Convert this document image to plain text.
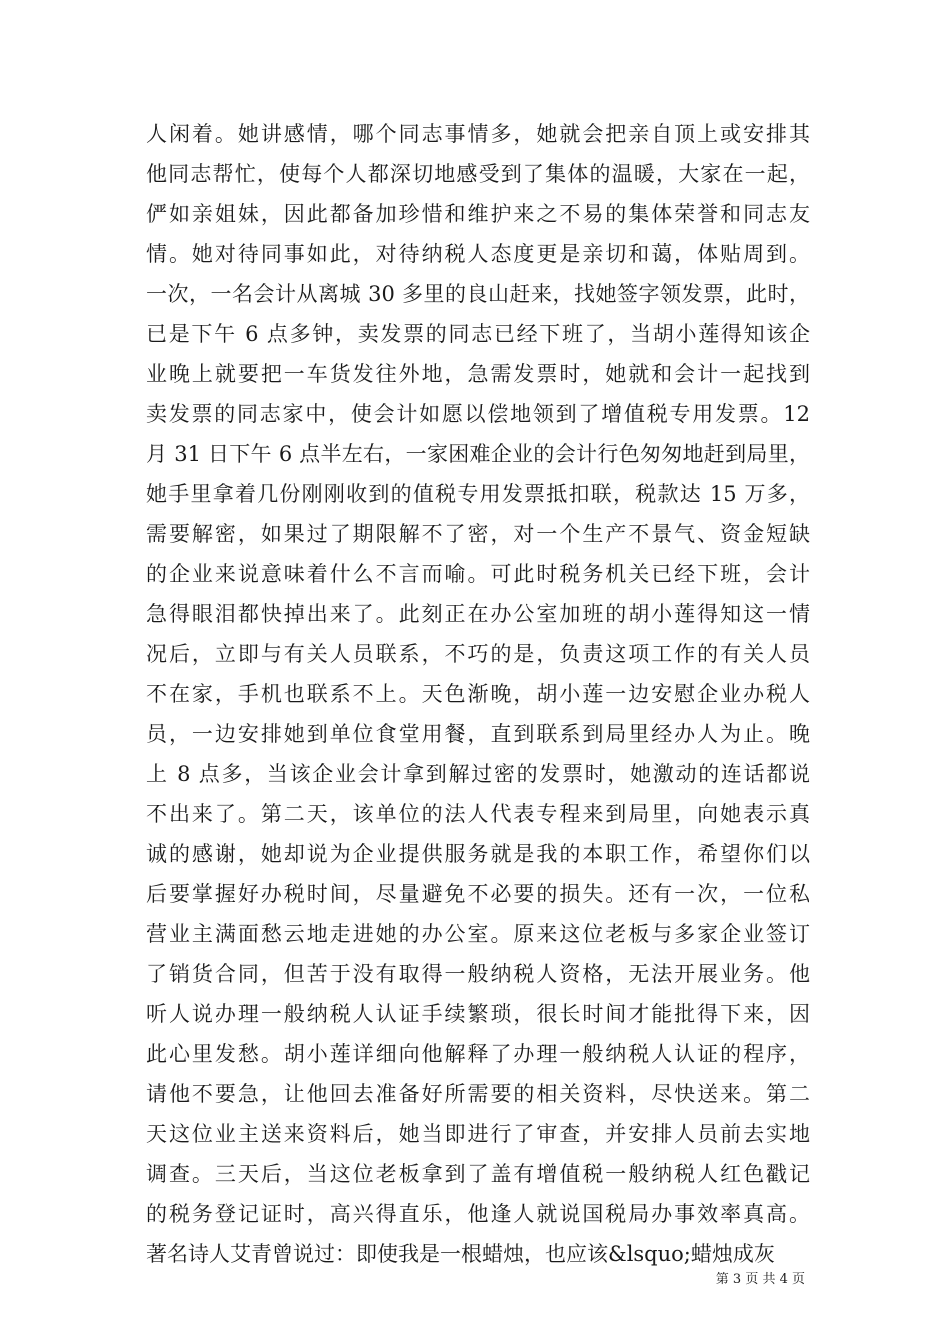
人闲着。她讲感情，哪个同志事情多，她就会把亲自顶上或安排其
他同志帮忙，使每个人都深切地感受到了集体的温暖，大家在一起，
俨如亲姐妹，因此都备加珍惜和维护来之不易的集体荣誉和同志友
情。她对待同事如此，对待纳税人态度更是亲切和蔼，体贴周到。
一次，一名会计从离城 30 多里的良山赶来，找她签字领发票，此时，
已是下午 6 点多钟，卖发票的同志已经下班了，当胡小莲得知该企
业晚上就要把一车货发往外地，急需发票时，她就和会计一起找到
卖发票的同志家中，使会计如愿以偿地领到了增值税专用发票。12
月 31 日下午 6 点半左右，一家困难企业的会计行色匆匆地赶到局里，
她手里拿着几份刚刚收到的值税专用发票抵扣联，税款达 15 万多，
需要解密，如果过了期限解不了密，对一个生产不景气、资金短缺
的企业来说意味着什么不言而喻。可此时税务机关已经下班，会计
急得眼泪都快掉出来了。此刻正在办公室加班的胡小莲得知这一情
况后，立即与有关人员联系，不巧的是，负责这项工作的有关人员
不在家，手机也联系不上。天色渐晚，胡小莲一边安慰企业办税人
员，一边安排她到单位食堂用餐，直到联系到局里经办人为止。晚
上 8 点多，当该企业会计拿到解过密的发票时，她激动的连话都说
不出来了。第二天，该单位的法人代表专程来到局里，向她表示真
诚的感谢，她却说为企业提供服务就是我的本职工作，希望你们以
后要掌握好办税时间，尽量避免不必要的损失。还有一次，一位私
营业主满面愁云地走进她的办公室。原来这位老板与多家企业签订
了销货合同，但苦于没有取得一般纳税人资格，无法开展业务。他
听人说办理一般纳税人认证手续繁琐，很长时间才能批得下来，因
此心里发愁。胡小莲详细向他解释了办理一般纳税人认证的程序，
请他不要急，让他回去准备好所需要的相关资料，尽快送来。第二
天这位业主送来资料后，她当即进行了审查，并安排人员前去实地
调查。三天后，当这位老板拿到了盖有增值税一般纳税人红色戳记
的税务登记证时，高兴得直乐，他逢人就说国税局办事效率真高。
著名诗人艾青曾说过：即使我是一根蜡烛，也应该&lsquo;蜡烛成灰
第 3 页 共 4 页
